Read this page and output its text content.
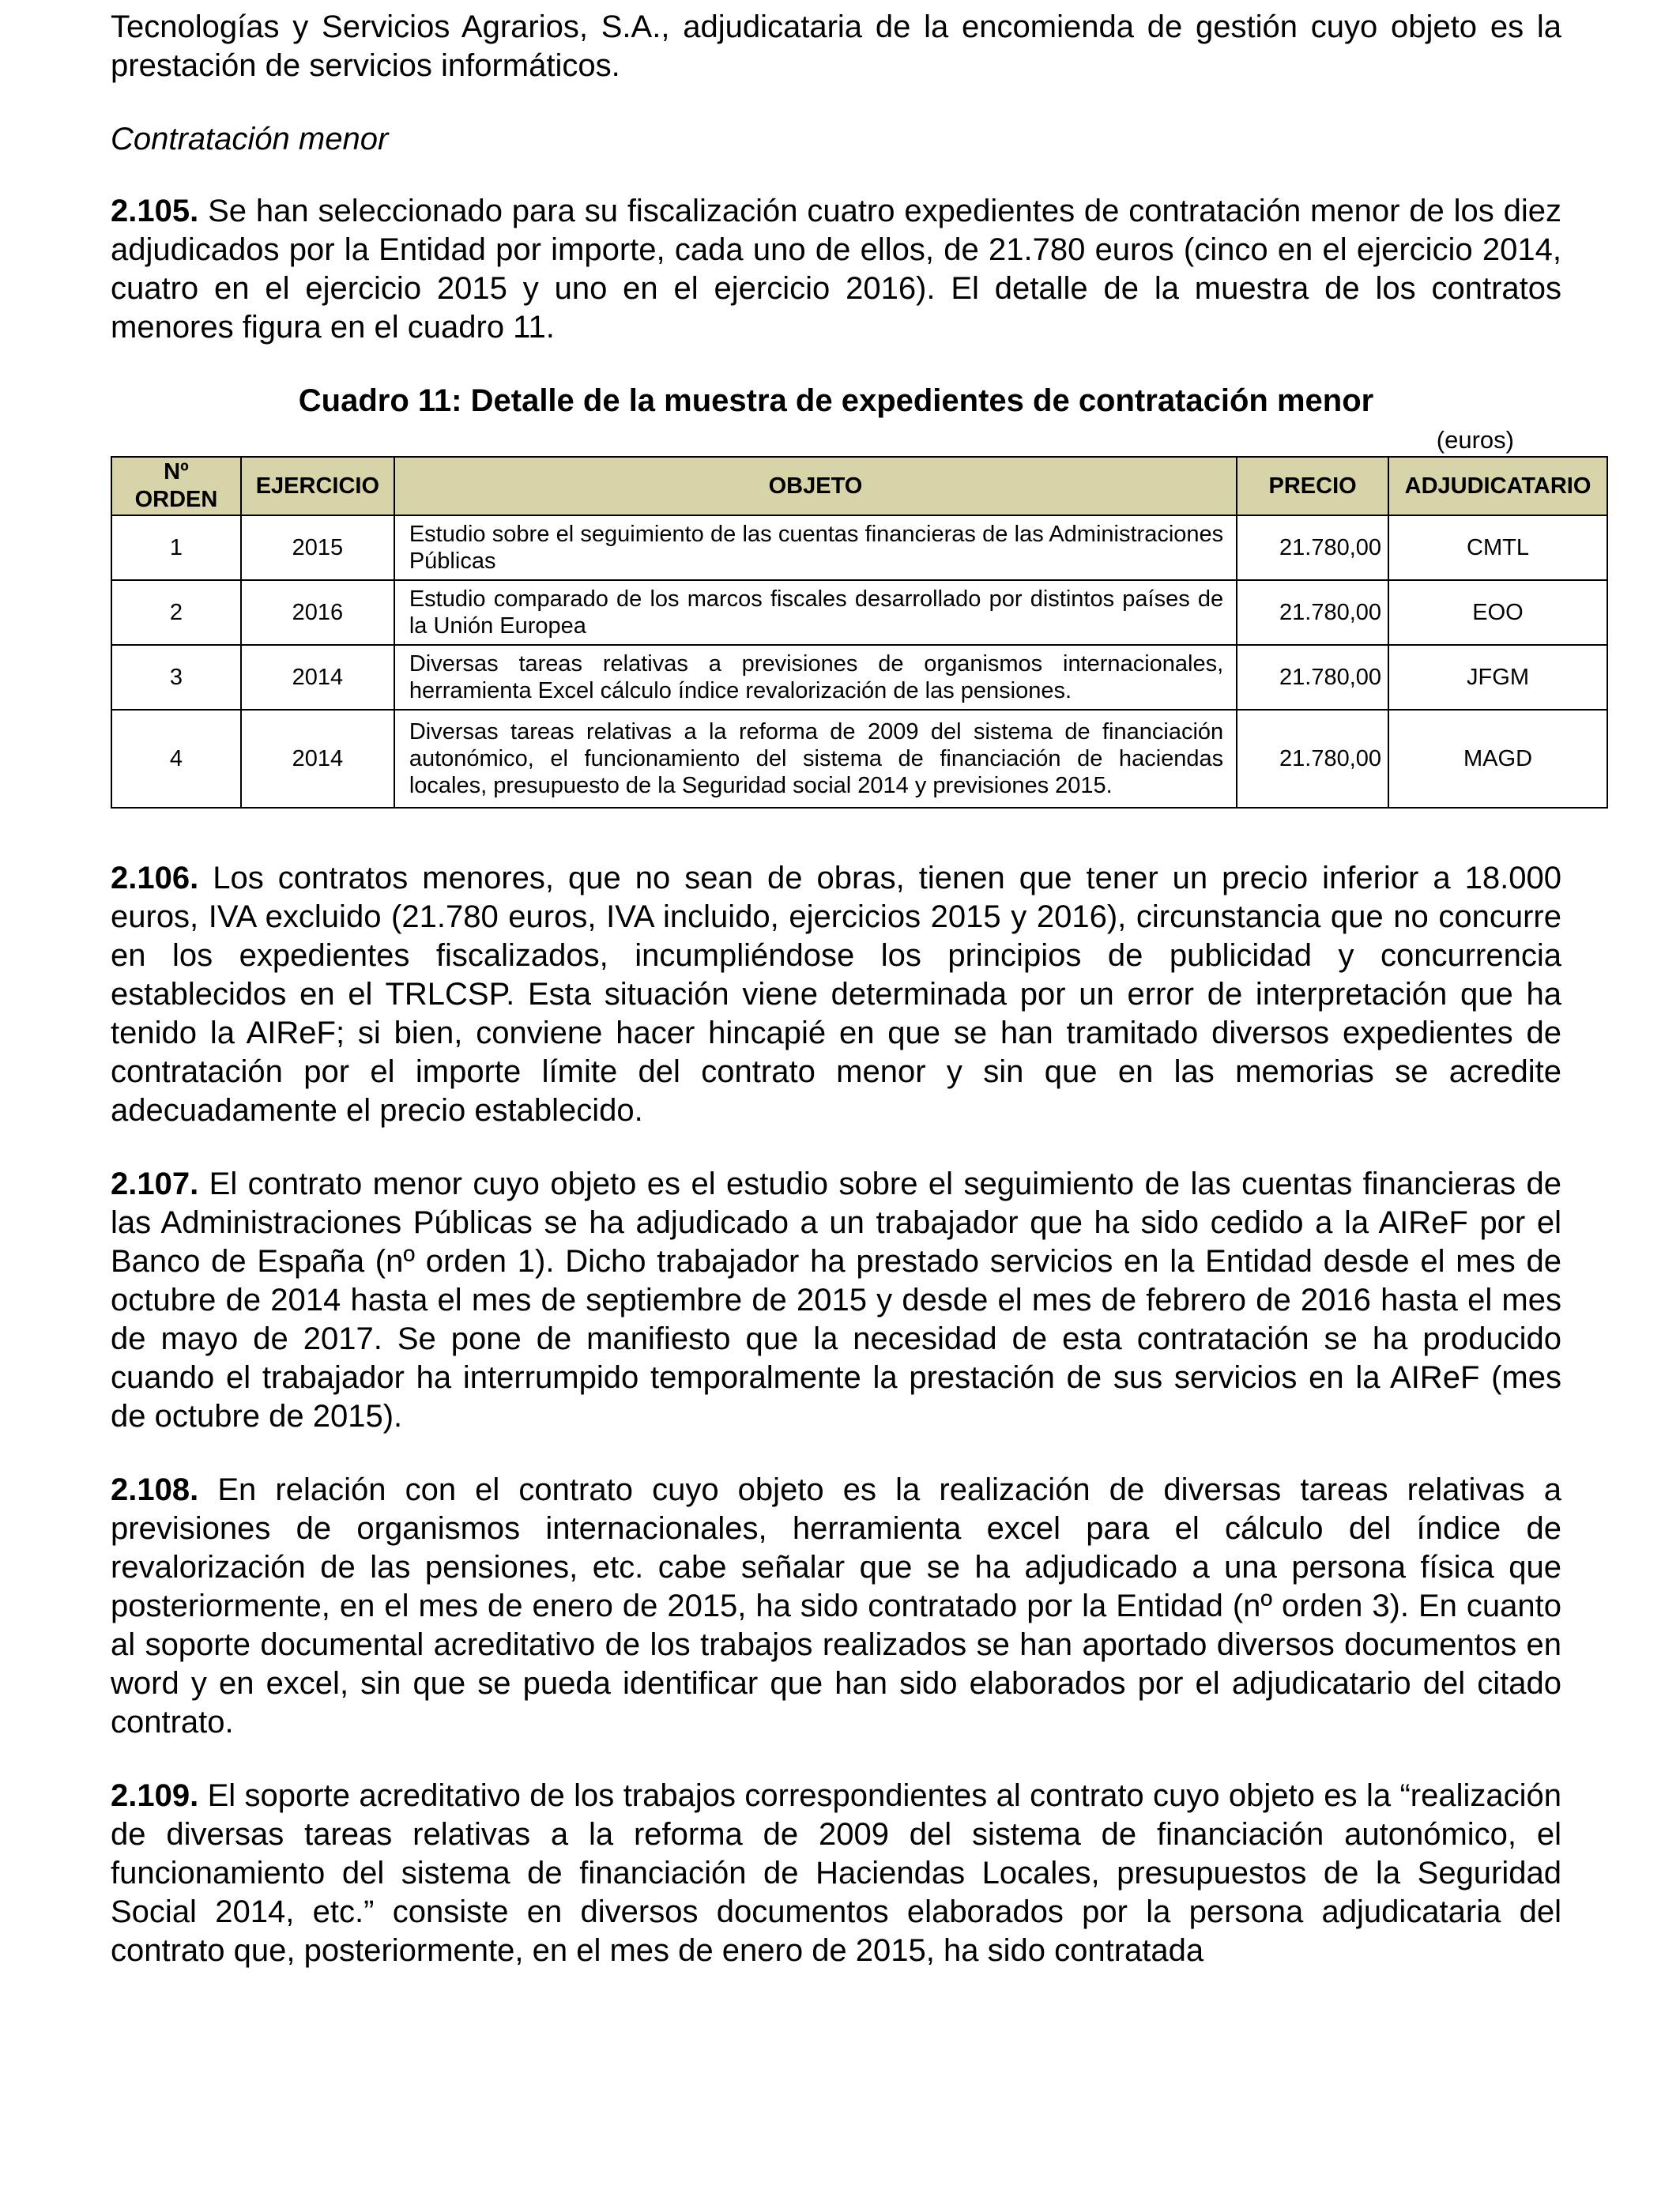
Tecnologías y Servicios Agrarios, S.A., adjudicataria de la encomienda de gestión cuyo objeto es la prestación de servicios informáticos.

Contratación menor

2.105. Se han seleccionado para su fiscalización cuatro expedientes de contratación menor de los diez adjudicados por la Entidad por importe, cada uno de ellos, de 21.780 euros (cinco en el ejercicio 2014, cuatro en el ejercicio 2015 y uno en el ejercicio 2016). El detalle de la muestra de los contratos menores figura en el cuadro 11.

Cuadro 11: Detalle de la muestra de expedientes de contratación menor
(euros)
Nº
ORDEN	EJERCICIO	OBJETO	PRECIO	ADJUDICATARIO
1	2015	Estudio sobre el seguimiento de las cuentas financieras de las Administraciones Públicas	21.780,00	CMTL
2	2016	Estudio comparado de los marcos fiscales desarrollado por distintos países de la Unión Europea	21.780,00	EOO
3	2014	Diversas tareas relativas a previsiones de organismos internacionales, herramienta Excel cálculo índice revalorización de las pensiones.	21.780,00	JFGM
4	2014	Diversas tareas relativas a la reforma de 2009 del sistema de financiación autonómico, el funcionamiento del sistema de financiación de haciendas locales, presupuesto de la Seguridad social 2014 y previsiones 2015.	21.780,00	MAGD

2.106. Los contratos menores, que no sean de obras, tienen que tener un precio inferior a 18.000 euros, IVA excluido (21.780 euros, IVA incluido, ejercicios 2015 y 2016), circunstancia que no concurre en los expedientes fiscalizados, incumpliéndose los principios de publicidad y concurrencia establecidos en el TRLCSP. Esta situación viene determinada por un error de interpretación que ha tenido la AIReF; si bien, conviene hacer hincapié en que se han tramitado diversos expedientes de contratación por el importe límite del contrato menor y sin que en las memorias se acredite adecuadamente el precio establecido.

2.107. El contrato menor cuyo objeto es el estudio sobre el seguimiento de las cuentas financieras de las Administraciones Públicas se ha adjudicado a un trabajador que ha sido cedido a la AIReF por el Banco de España (nº orden 1). Dicho trabajador ha prestado servicios en la Entidad desde el mes de octubre de 2014 hasta el mes de septiembre de 2015 y desde el mes de febrero de 2016 hasta el mes de mayo de 2017. Se pone de manifiesto que la necesidad de esta contratación se ha producido cuando el trabajador ha interrumpido temporalmente la prestación de sus servicios en la AIReF (mes de octubre de 2015).

2.108. En relación con el contrato cuyo objeto es la realización de diversas tareas relativas a previsiones de organismos internacionales, herramienta excel para el cálculo del índice de revalorización de las pensiones, etc. cabe señalar que se ha adjudicado a una persona física que posteriormente, en el mes de enero de 2015, ha sido contratado por la Entidad (nº orden 3). En cuanto al soporte documental acreditativo de los trabajos realizados se han aportado diversos documentos en word y en excel, sin que se pueda identificar que han sido elaborados por el adjudicatario del citado contrato.

2.109. El soporte acreditativo de los trabajos correspondientes al contrato cuyo objeto es la “realización de diversas tareas relativas a la reforma de 2009 del sistema de financiación autonómico, el funcionamiento del sistema de financiación de Haciendas Locales, presupuestos de la Seguridad Social 2014, etc.” consiste en diversos documentos elaborados por la persona adjudicataria del contrato que, posteriormente, en el mes de enero de 2015, ha sido contratada
